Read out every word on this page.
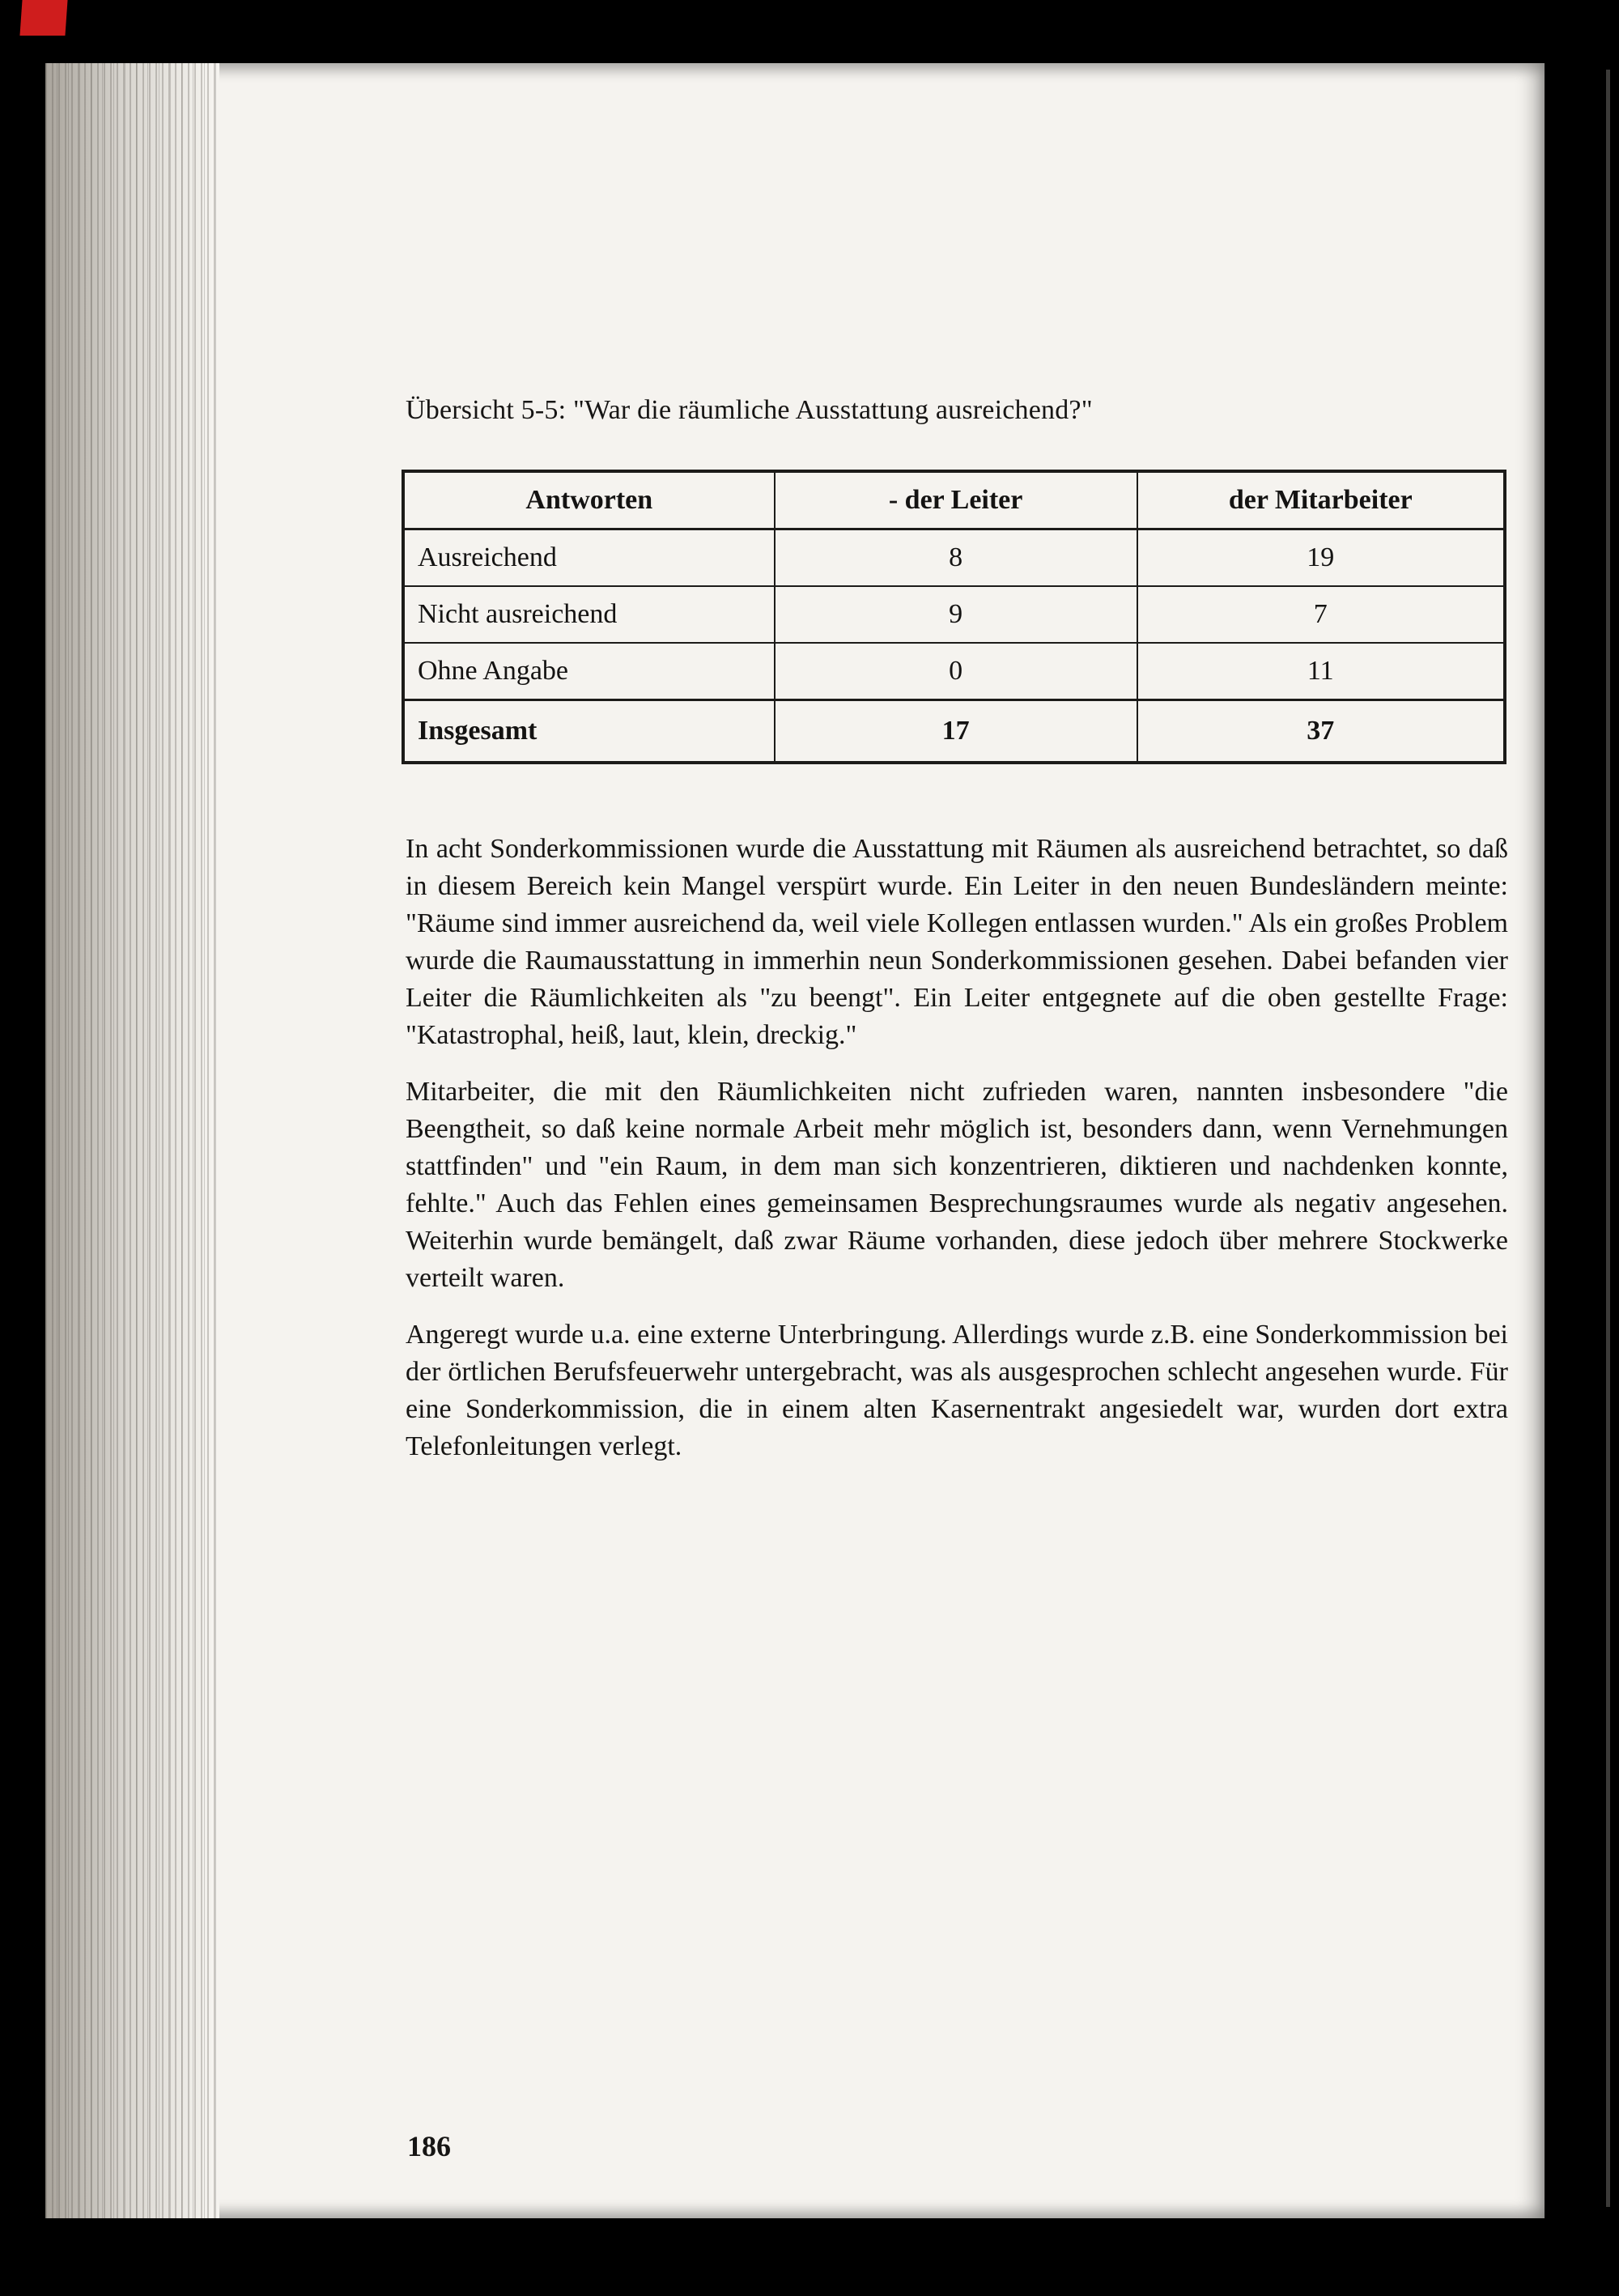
Übersicht 5-5: "War die räumliche Ausstattung ausreichend?"
Antworten	- der Leiter	der Mitarbeiter
Ausreichend	8	19
Nicht ausreichend	9	7
Ohne Angabe	0	11
Insgesamt	17	37

In acht Sonderkommissionen wurde die Ausstattung mit Räumen als ausreichend betrachtet, so daß in diesem Bereich kein Mangel verspürt wurde. Ein Leiter in den neuen Bundesländern meinte: "Räume sind immer ausreichend da, weil viele Kollegen entlassen wurden." Als ein großes Problem wurde die Raumausstattung in immerhin neun Sonderkommissionen gesehen. Dabei befanden vier Leiter die Räumlichkeiten als "zu beengt". Ein Leiter entgegnete auf die oben gestellte Frage: "Katastrophal, heiß, laut, klein, dreckig."

Mitarbeiter, die mit den Räumlichkeiten nicht zufrieden waren, nannten insbesondere "die Beengtheit, so daß keine normale Arbeit mehr möglich ist, besonders dann, wenn Vernehmungen stattfinden" und "ein Raum, in dem man sich konzentrieren, diktieren und nachdenken konnte, fehlte." Auch das Fehlen eines gemeinsamen Besprechungsraumes wurde als negativ angesehen. Weiterhin wurde bemängelt, daß zwar Räume vorhanden, diese jedoch über mehrere Stockwerke verteilt waren.

Angeregt wurde u.a. eine externe Unterbringung. Allerdings wurde z.B. eine Sonderkommission bei der örtlichen Berufsfeuerwehr untergebracht, was als ausgesprochen schlecht angesehen wurde. Für eine Sonderkommission, die in einem alten Kasernentrakt angesiedelt war, wurden dort extra Telefonleitungen verlegt.

186
